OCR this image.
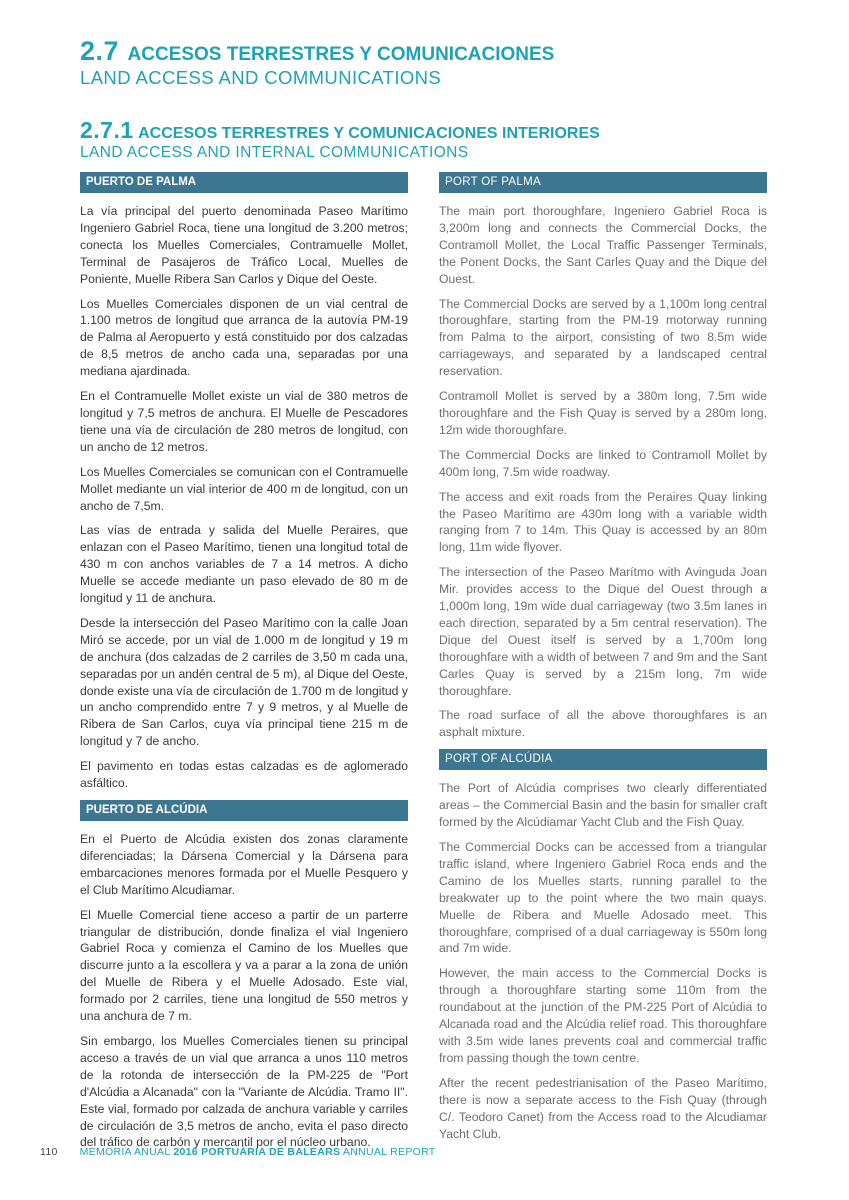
2.7 ACCESOS TERRESTRES Y COMUNICACIONES
LAND ACCESS AND COMMUNICATIONS
2.7.1 ACCESOS TERRESTRES Y COMUNICACIONES INTERIORES
LAND ACCESS AND INTERNAL COMMUNICATIONS
PUERTO DE PALMA

La vía principal del puerto denominada Paseo Marítimo Ingeniero Gabriel Roca, tiene una longitud de 3.200 metros; conecta los Muelles Comerciales, Contramuelle Mollet, Terminal de Pasajeros de Tráfico Local, Muelles de Poniente, Muelle Ribera San Carlos y Dique del Oeste.

Los Muelles Comerciales disponen de un vial central de 1.100 metros de longitud que arranca de la autovía PM-19 de Palma al Aeropuerto y está constituido por dos calzadas de 8,5 metros de ancho cada una, separadas por una mediana ajardinada.

En el Contramuelle Mollet existe un vial de 380 metros de longitud y 7,5 metros de anchura. El Muelle de Pescadores tiene una vía de circulación de 280 metros de longitud, con un ancho de 12 metros.

Los Muelles Comerciales se comunican con el Contramuelle Mollet mediante un vial interior de 400 m de longitud, con un ancho de 7,5m.

Las vías de entrada y salida del Muelle Peraires, que enlazan con el Paseo Marítimo, tienen una longitud total de 430 m con anchos variables de 7 a 14 metros. A dicho Muelle se accede mediante un paso elevado de 80 m de longitud y 11 de anchura.

Desde la intersección del Paseo Marítimo con la calle Joan Miró se accede, por un vial de 1.000 m de longitud y 19 m de anchura (dos calzadas de 2 carriles de 3,50 m cada una, separadas por un andén central de 5 m), al Dique del Oeste, donde existe una vía de circulación de 1.700 m de longitud y un ancho comprendido entre 7 y 9 metros, y al Muelle de Ribera de San Carlos, cuya vía principal tiene 215 m de longitud y 7 de ancho.

El pavimento en todas estas calzadas es de aglomerado asfáltico.

PUERTO DE ALCÚDIA

En el Puerto de Alcúdia existen dos zonas claramente diferenciadas; la Dársena Comercial y la Dársena para embarcaciones menores formada por el Muelle Pesquero y el Club Marítimo Alcudiamar.

El Muelle Comercial tiene acceso a partir de un parterre triangular de distribución, donde finaliza el vial Ingeniero Gabriel Roca y comienza el Camino de los Muelles que discurre junto a la escollera y va a parar a la zona de unión del Muelle de Ribera y el Muelle Adosado. Este vial, formado por 2 carriles, tiene una longitud de 550 metros y una anchura de 7 m.

Sin embargo, los Muelles Comerciales tienen su principal acceso a través de un vial que arranca a unos 110 metros de la rotonda de intersección de la PM-225 de "Port d'Alcúdia a Alcanada" con la "Variante de Alcúdia. Tramo II". Este vial, formado por calzada de anchura variable y carriles de circulación de 3,5 metros de ancho, evita el paso directo del tráfico de carbón y mercantil por el núcleo urbano.

PORT OF PALMA

The main port thoroughfare, Ingeniero Gabriel Roca is 3,200m long and connects the Commercial Docks, the Contramoll Mollet, the Local Traffic Passenger Terminals, the Ponent Docks, the Sant Carles Quay and the Dique del Ouest.

The Commercial Docks are served by a 1,100m long central thoroughfare, starting from the PM-19 motorway running from Palma to the airport, consisting of two 8.5m wide carriageways, and separated by a landscaped central reservation.

Contramoll Mollet is served by a 380m long, 7.5m wide thoroughfare and the Fish Quay is served by a 280m long, 12m wide thoroughfare.

The Commercial Docks are linked to Contramoll Mollet by 400m long, 7.5m wide roadway.

The access and exit roads from the Peraires Quay linking the Paseo Marítimo are 430m long with a variable width ranging from 7 to 14m. This Quay is accessed by an 80m long, 11m wide flyover.

The intersection of the Paseo Marítmo with Avinguda Joan Mir. provides access to the Dique del Ouest through a 1,000m long, 19m wide dual carriageway (two 3.5m lanes in each direction, separated by a 5m central reservation). The Dique del Ouest itself is served by a 1,700m long thoroughfare with a width of between 7 and 9m and the Sant Carles Quay is served by a 215m long, 7m wide thoroughfare.

The road surface of all the above thoroughfares is an asphalt mixture.

PORT OF ALCÚDIA

The Port of Alcúdia comprises two clearly differentiated areas – the Commercial Basin and the basin for smaller craft formed by the Alcúdiamar Yacht Club and the Fish Quay.

The Commercial Docks can be accessed from a triangular traffic island, where Ingeniero Gabriel Roca ends and the Camino de los Muelles starts, running parallel to the breakwater up to the point where the two main quays. Muelle de Ribera and Muelle Adosado meet. This thoroughfare, comprised of a dual carriageway is 550m long and 7m wide.

However, the main access to the Commercial Docks is through a thoroughfare starting some 110m from the roundabout at the junction of the PM-225 Port of Alcúdia to Alcanada road and the Alcúdia relief road. This thoroughfare with 3.5m wide lanes prevents coal and commercial traffic from passing though the town centre.

After the recent pedestrianisation of the Paseo Marítimo, there is now a separate access to the Fish Quay (through C/. Teodoro Canet) from the Access road to the Alcudiamar Yacht Club.

110 MEMORIA ANUAL 2016 PORTUÀRIA DE BALEARS ANNUAL REPORT
